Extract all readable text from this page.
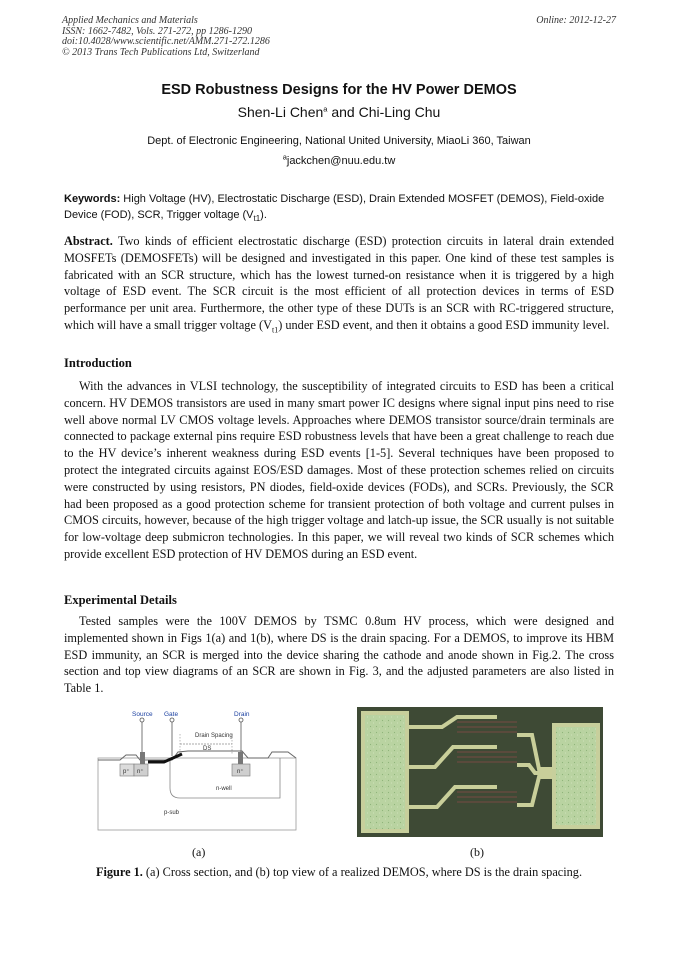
Applied Mechanics and Materials
ISSN: 1662-7482, Vols. 271-272, pp 1286-1290
doi:10.4028/www.scientific.net/AMM.271-272.1286
© 2013 Trans Tech Publications Ltd, Switzerland
Online: 2012-12-27
ESD Robustness Designs for the HV Power DEMOS
Shen-Li Chen$^a$ and Chi-Ling Chu
Dept. of Electronic Engineering, National United University, MiaoLi 360, Taiwan
$^a$jackchen@nuu.edu.tw
Keywords: High Voltage (HV), Electrostatic Discharge (ESD), Drain Extended MOSFET (DEMOS), Field-oxide Device (FOD), SCR, Trigger voltage $(V_{t1})$.
Abstract. Two kinds of efficient electrostatic discharge (ESD) protection circuits in lateral drain extended MOSFETs (DEMOSFETs) will be designed and investigated in this paper. One kind of these test samples is fabricated with an SCR structure, which has the lowest turned-on resistance when it is triggered by a high voltage of ESD event. The SCR circuit is the most efficient of all protection devices in terms of ESD performance per unit area. Furthermore, the other type of these DUTs is an SCR with RC-triggered structure, which will have a small trigger voltage $(V_{t1})$ under ESD event, and then it obtains a good ESD immunity level.
Introduction
With the advances in VLSI technology, the susceptibility of integrated circuits to ESD has been a critical concern. HV DEMOS transistors are used in many smart power IC designs where signal input pins need to rise well above normal LV CMOS voltage levels. Approaches where DEMOS transistor source/drain terminals are connected to package external pins require ESD robustness levels that have been a great challenge to reach due to the HV device’s inherent weakness during ESD events [1-5]. Several techniques have been proposed to protect the integrated circuits against EOS/ESD damages. Most of these protection schemes relied on circuits were constructed by using resistors, PN diodes, field-oxide devices (FODs), and SCRs. Previously, the SCR had been proposed as a good protection scheme for transient protection of both voltage and current pulses in CMOS circuits, however, because of the high trigger voltage and latch-up issue, the SCR usually is not suitable for low-voltage deep submicron technologies. In this paper, we will reveal two kinds of SCR schemes which provide excellent ESD protection of HV DEMOS during an ESD event.
Experimental Details
Tested samples were the 100V DEMOS by TSMC 0.8um HV process, which were designed and implemented shown in Figs 1(a) and 1(b), where DS is the drain spacing. For a DEMOS, to improve its HBM ESD immunity, an SCR is merged into the device sharing the cathode and anode shown in Fig.2. The cross section and top view diagrams of an SCR are shown in Fig. 3, and the adjusted parameters are also listed in Table 1.
Source Gate	Drain
Drain Spacing
DS
p⁺ n⁺	n⁺
n-well
p-sub
(a)	(b)
Figure 1. (a) Cross section, and (b) top view of a realized DEMOS, where DS is the drain spacing.
